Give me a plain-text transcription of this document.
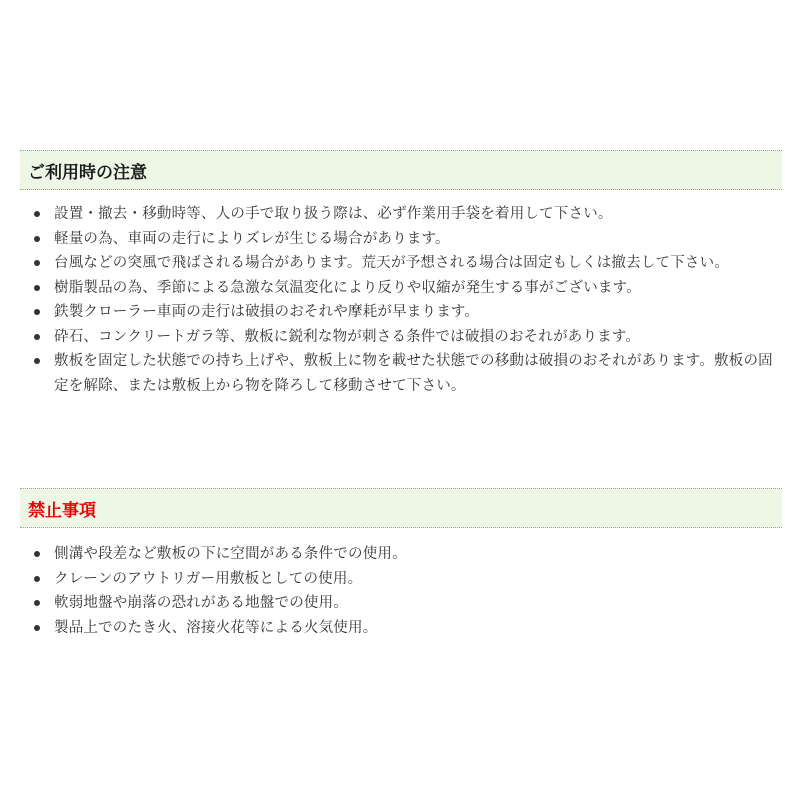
ご利用時の注意
設置・撤去・移動時等、人の手で取り扱う際は、必ず作業用手袋を着用して下さい。
軽量の為、車両の走行によりズレが生じる場合があります。
台風などの突風で飛ばされる場合があります。荒天が予想される場合は固定もしくは撤去して下さい。
樹脂製品の為、季節による急激な気温変化により反りや収縮が発生する事がございます。
鉄製クローラー車両の走行は破損のおそれや摩耗が早まります。
砕石、コンクリートガラ等、敷板に鋭利な物が刺さる条件では破損のおそれがあります。
敷板を固定した状態での持ち上げや、敷板上に物を載せた状態での移動は破損のおそれがあります。敷板の固定を解除、または敷板上から物を降ろして移動させて下さい。
禁止事項
側溝や段差など敷板の下に空間がある条件での使用。
クレーンのアウトリガー用敷板としての使用。
軟弱地盤や崩落の恐れがある地盤での使用。
製品上でのたき火、溶接火花等による火気使用。
